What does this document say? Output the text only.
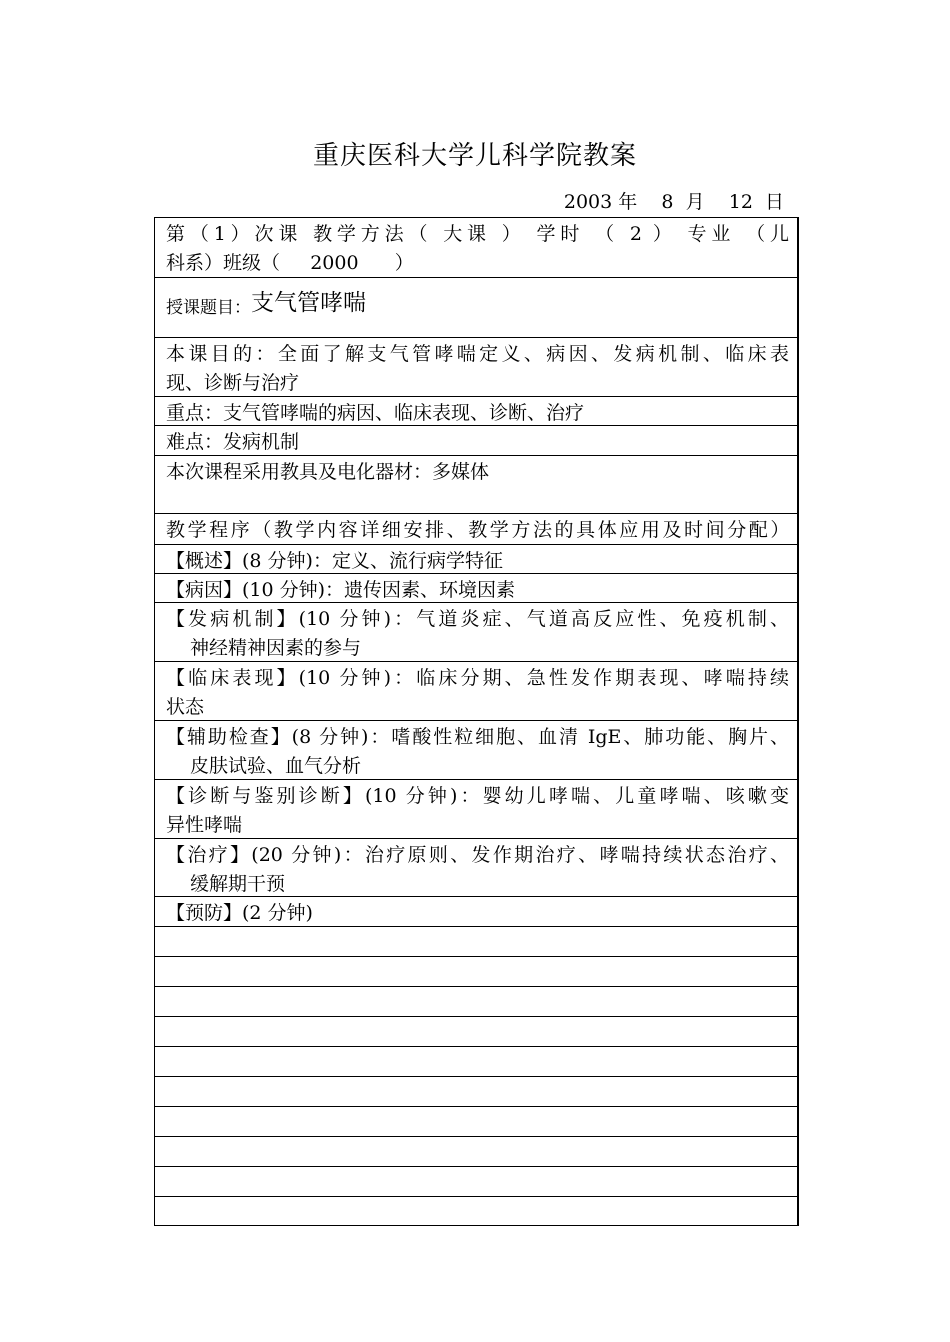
重庆医科大学儿科学院教案
2003 年    8  月    12  日
第（1）次课 教学方法（ 大课 ） 学时 （ 2 ） 专业 （儿
科系）班级（     2000      ）
授课题目：支气管哮喘
本课目的：全面了解支气管哮喘定义、病因、发病机制、临床表
现、诊断与治疗
重点：支气管哮喘的病因、临床表现、诊断、治疗
难点：发病机制
本次课程采用教具及电化器材：多媒体
教学程序（教学内容详细安排、教学方法的具体应用及时间分配）
【概述】(8 分钟)：定义、流行病学特征
【病因】(10 分钟)：遗传因素、环境因素
【发病机制】(10 分钟)：气道炎症、气道高反应性、免疫机制、
神经精神因素的参与
【临床表现】(10 分钟)：临床分期、急性发作期表现、哮喘持续
状态
【辅助检查】(8 分钟)：嗜酸性粒细胞、血清 IgE、肺功能、胸片、
皮肤试验、血气分析
【诊断与鉴别诊断】(10 分钟)：婴幼儿哮喘、儿童哮喘、咳嗽变
异性哮喘
【治疗】(20 分钟)：治疗原则、发作期治疗、哮喘持续状态治疗、
缓解期干预
【预防】(2 分钟)
